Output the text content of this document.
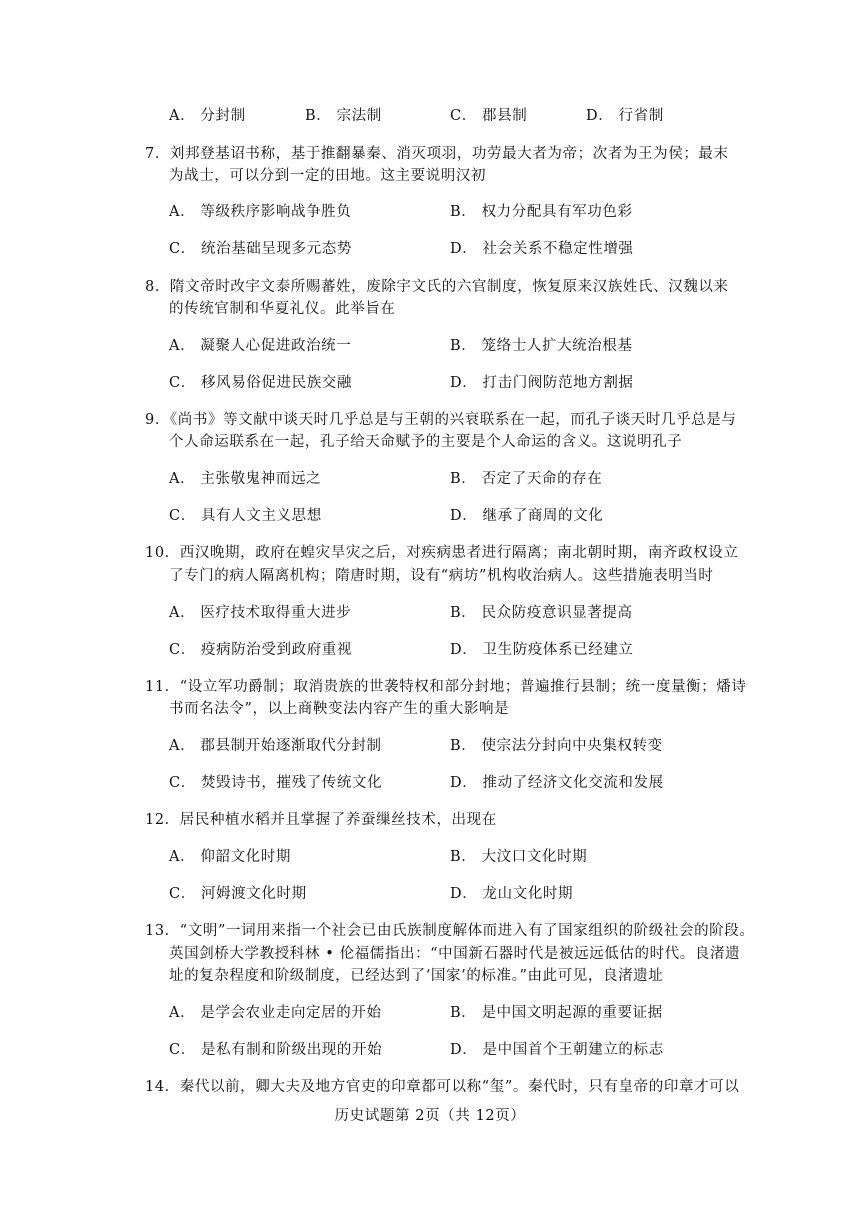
A． 分封制	B． 宗法制	C． 郡县制	D． 行省制
7．刘邦登基诏书称，基于推翻暴秦、消灭项羽，功劳最大者为帝；次者为王为侯；最末
为战士，可以分到一定的田地。这主要说明汉初
A． 等级秩序影响战争胜负	B． 权力分配具有军功色彩
C． 统治基础呈现多元态势	D． 社会关系不稳定性增强
8．隋文帝时改宇文泰所赐蕃姓，废除宇文氏的六官制度，恢复原来汉族姓氏、汉魏以来
的传统官制和华夏礼仪。此举旨在
A． 凝聚人心促进政治统一	B． 笼络士人扩大统治根基
C． 移风易俗促进民族交融	D． 打击门阀防范地方割据
9．《尚书》等文献中谈天时几乎总是与王朝的兴衰联系在一起，而孔子谈天时几乎总是与
个人命运联系在一起，孔子给天命赋予的主要是个人命运的含义。这说明孔子
A． 主张敬鬼神而远之	B． 否定了天命的存在
C． 具有人文主义思想	D． 继承了商周的文化
10．西汉晚期，政府在蝗灾旱灾之后，对疾病患者进行隔离；南北朝时期，南齐政权设立
了专门的病人隔离机构；隋唐时期，设有“病坊”机构收治病人。这些措施表明当时
A． 医疗技术取得重大进步	B． 民众防疫意识显著提高
C． 疫病防治受到政府重视	D． 卫生防疫体系已经建立
11．“设立军功爵制；取消贵族的世袭特权和部分封地；普遍推行县制；统一度量衡；燔诗
书而名法令”，以上商鞅变法内容产生的重大影响是
A． 郡县制开始逐渐取代分封制	B． 使宗法分封向中央集权转变
C． 焚毁诗书，摧残了传统文化	D． 推动了经济文化交流和发展
12．居民种植水稻并且掌握了养蚕缫丝技术，出现在
A． 仰韶文化时期	B． 大汶口文化时期
C． 河姆渡文化时期	D． 龙山文化时期
13．“文明”一词用来指一个社会已由氏族制度解体而进入有了国家组织的阶级社会的阶段。
英国剑桥大学教授科林 • 伦福儒指出：“中国新石器时代是被远远低估的时代。良渚遗
址的复杂程度和阶级制度，已经达到了‘国家’的标准。”由此可见，良渚遗址
A． 是学会农业走向定居的开始	B． 是中国文明起源的重要证据
C． 是私有制和阶级出现的开始	D． 是中国首个王朝建立的标志
14．秦代以前，卿大夫及地方官吏的印章都可以称“玺”。秦代时，只有皇帝的印章才可以
历史试题第 2页（共 12页）
